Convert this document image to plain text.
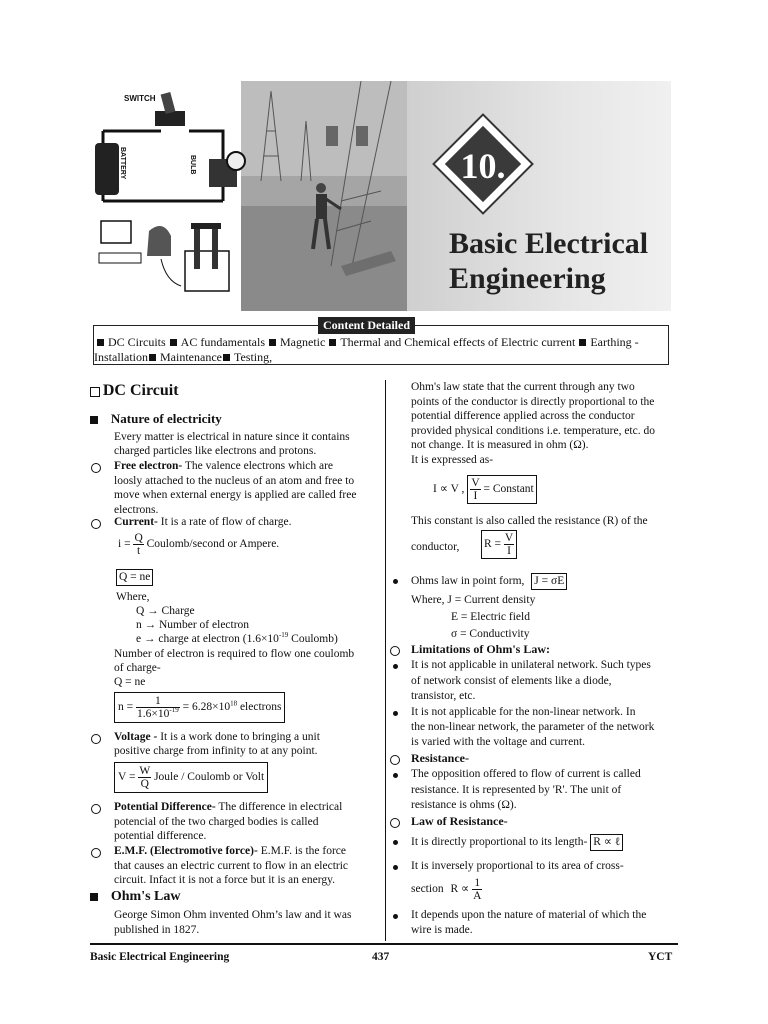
SWITCH
BATTERY	BULB	10.
Basic Electrical
Engineering
DC Circuits AC fundamentals Magnetic Thermal and Chemical effects of Electric current Earthing -
Installation Maintenance Testing,
Content Detailed
DC Circuit
Nature of electricity
Every matter is electrical in nature since it contains
charged particles like electrons and protons.
Free electron- The valence electrons which are
loosly attached to the nucleus of an atom and free to
move when external energy is applied are called free
electrons.
Current- It is a rate of flow of charge.
$i = \frac{Q}{t}$ Coulomb/second or Ampere.
Q = ne
Where,
Q → Charge
n → Number of electron
e → charge at electron ($1.6\times 10^{-19}$ Coulomb)
Number of electron is required to flow one coulomb
of charge-
Q = ne
$n = \frac{1}{1.6\times 10^{-19}} = 6.28\times 10^{18}$ electrons
Voltage - It is a work done to bringing a unit
positive charge from infinity to at any point.
$V = \frac{W}{Q}$ Joule / Coulomb or Volt
Potential Difference- The difference in electrical
potencial of the two charged bodies is called
potential difference.
E.M.F. (Electromotive force)- E.M.F. is the force
that causes an electric current to flow in an electric
circuit. Infact it is not a force but it is an energy.
Ohm's Law
George Simon Ohm invented Ohm’s law and it was
published in 1827.
Ohm's law state that the current through any two
points of the conductor is directly proportional to the
potential difference applied across the conductor
provided physical conditions i.e. temperature, etc. do
not change. It is measured in ohm (Ω).
It is expressed as-
I ∝ V , $\frac{V}{I}$ = Constant
This constant is also called the resistance (R) of the
conductor, $R = \frac{V}{I}$
Ohms law in point form, J = σE
Where, J = Current density
E = Electric field
σ = Conductivity
Limitations of Ohm's Law:
It is not applicable in unilateral network. Such types
of network consist of elements like a diode,
transistor, etc.
It is not applicable for the non-linear network. In
the non-linear network, the parameter of the network
is varied with the voltage and current.
Resistance-
The opposition offered to flow of current is called
resistance. It is represented by 'R'. The unit of
resistance is ohms (Ω).
Law of Resistance-
It is directly proportional to its length- R ∝ ℓ
It is inversely proportional to its area of cross-
section $R \propto \frac{1}{A}$
It depends upon the nature of material of which the
wire is made.
Basic Electrical Engineering	437	YCT
